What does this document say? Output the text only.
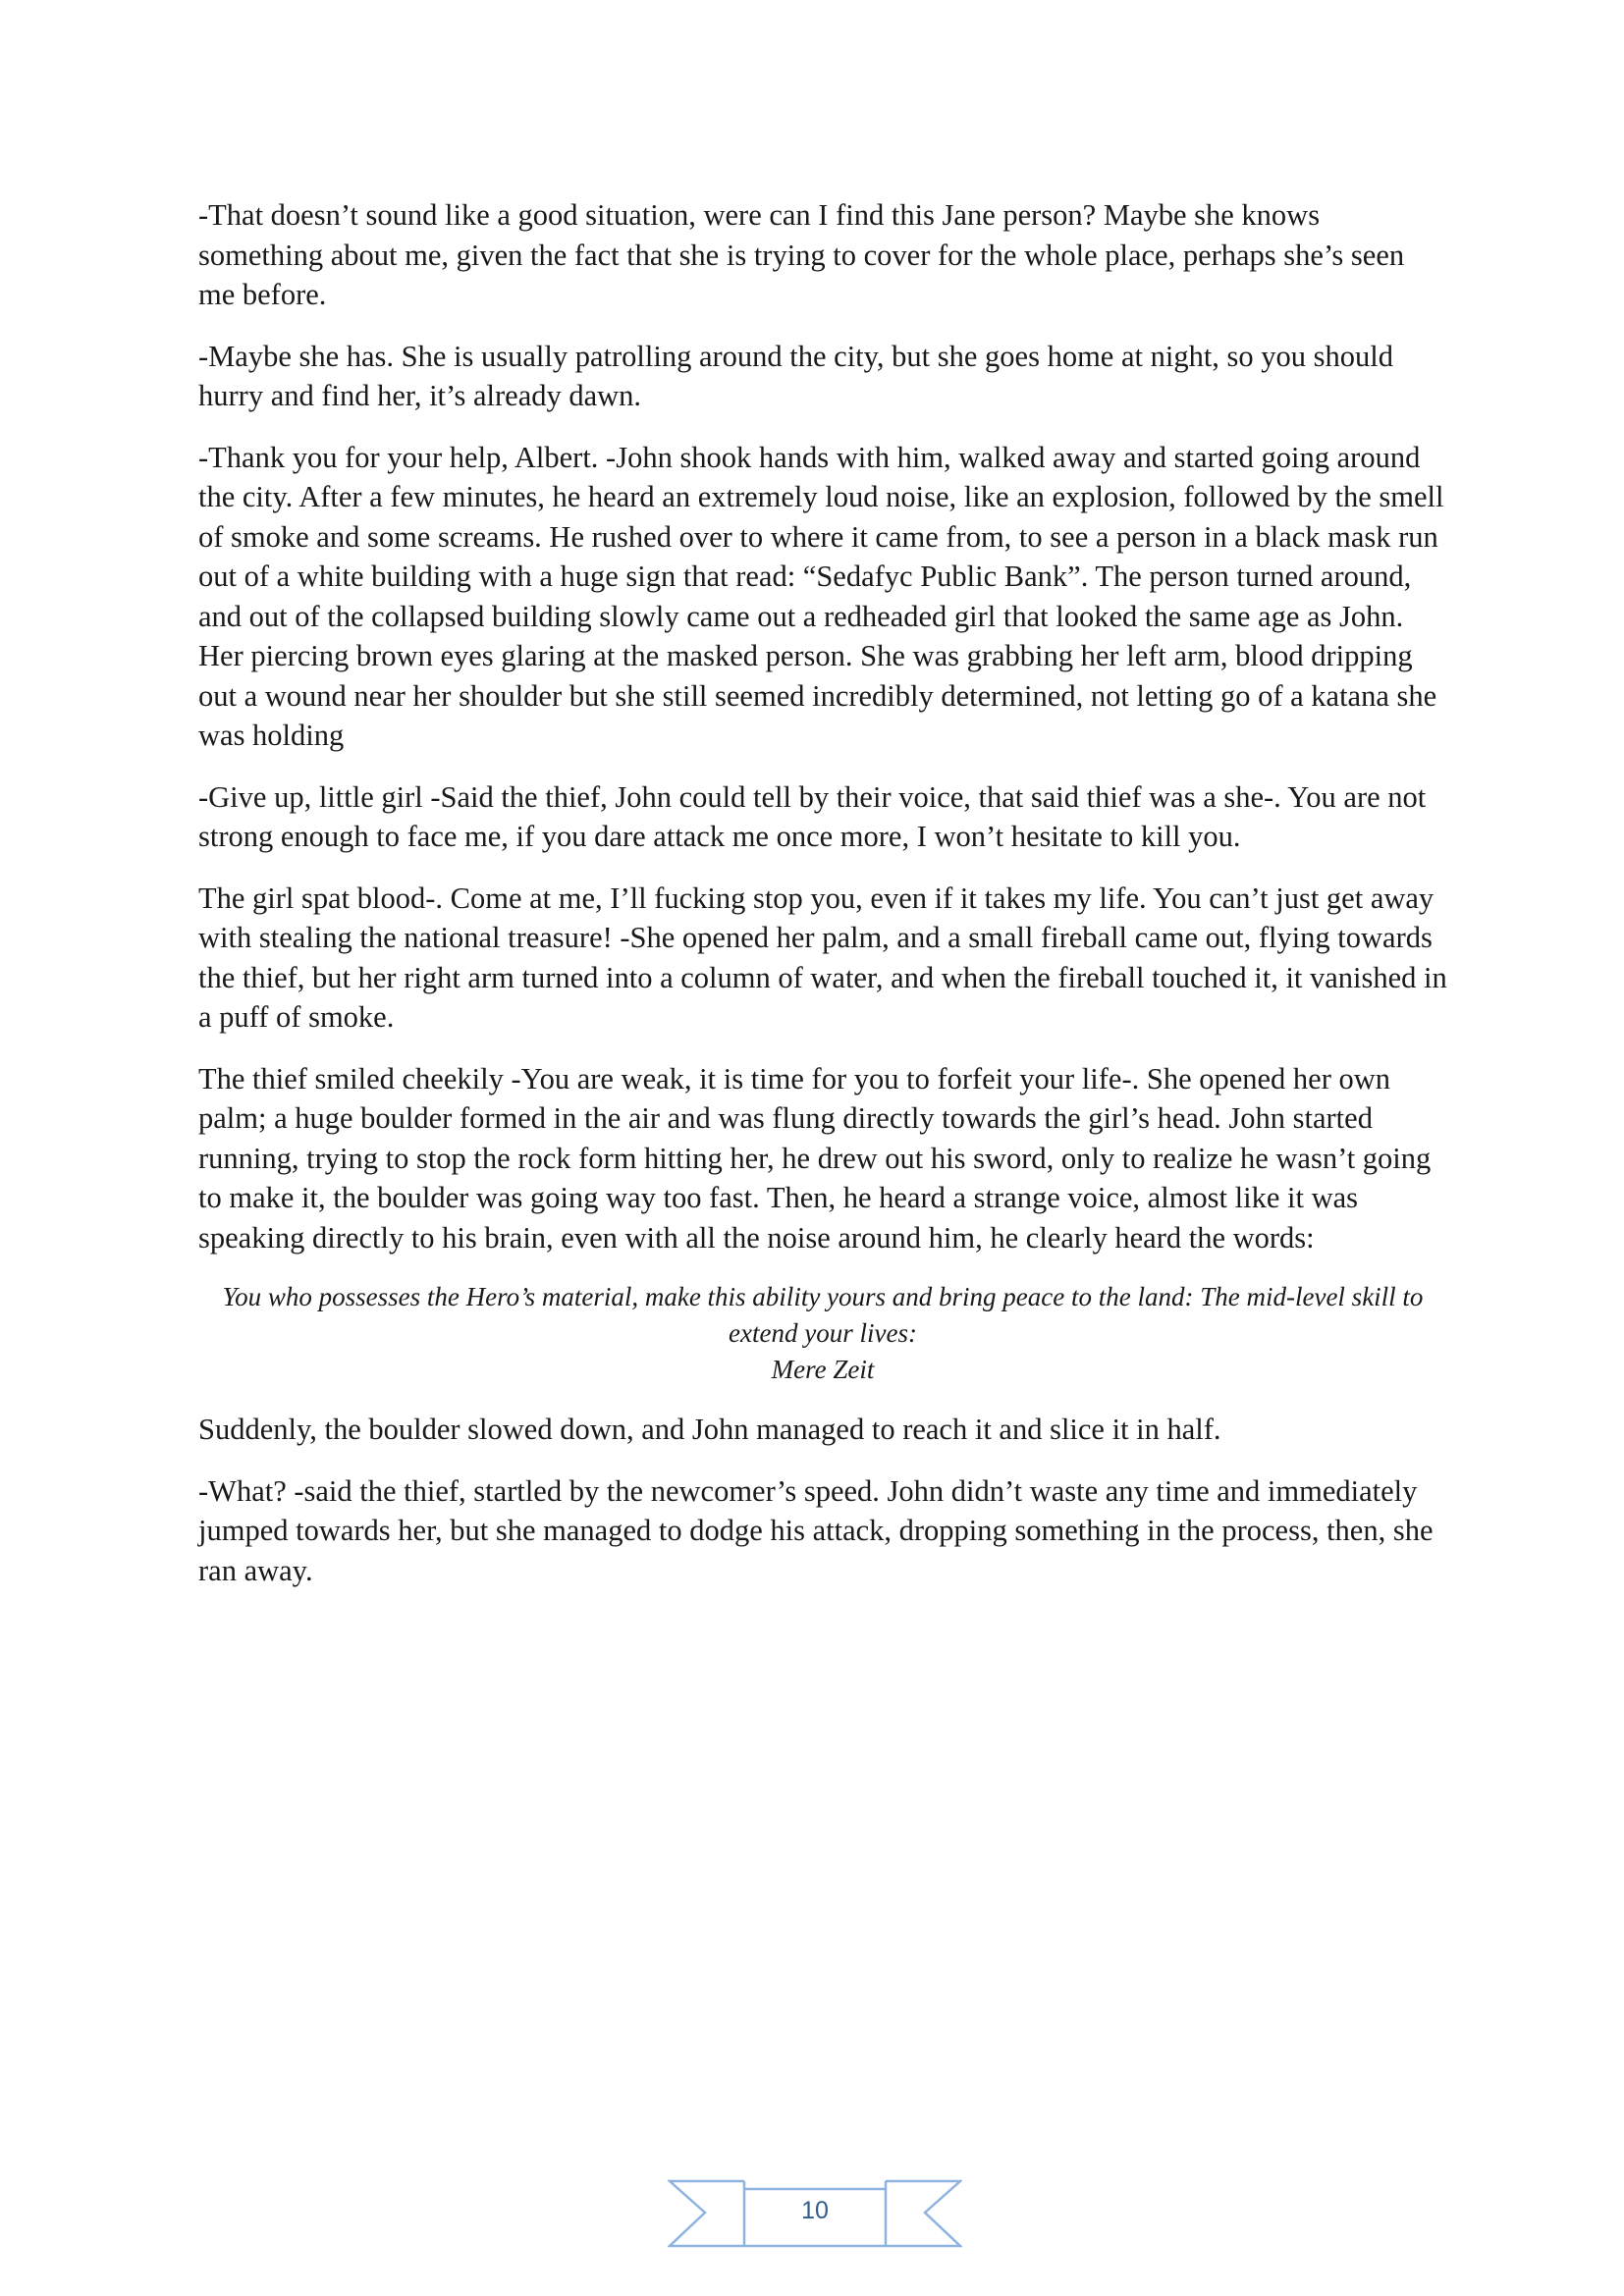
-That doesn’t sound like a good situation, were can I find this Jane person? Maybe she knows something about me, given the fact that she is trying to cover for the whole place, perhaps she’s seen me before.

-Maybe she has. She is usually patrolling around the city, but she goes home at night, so you should hurry and find her, it’s already dawn.

-Thank you for your help, Albert. -John shook hands with him, walked away and started going around the city. After a few minutes, he heard an extremely loud noise, like an explosion, followed by the smell of smoke and some screams. He rushed over to where it came from, to see a person in a black mask run out of a white building with a huge sign that read: “Sedafyc Public Bank”. The person turned around, and out of the collapsed building slowly came out a redheaded girl that looked the same age as John. Her piercing brown eyes glaring at the masked person. She was grabbing her left arm, blood dripping out a wound near her shoulder but she still seemed incredibly determined, not letting go of a katana she was holding

-Give up, little girl -Said the thief, John could tell by their voice, that said thief was a she-. You are not strong enough to face me, if you dare attack me once more, I won’t hesitate to kill you.

The girl spat blood-. Come at me, I’ll fucking stop you, even if it takes my life. You can’t just get away with stealing the national treasure! -She opened her palm, and a small fireball came out, flying towards the thief, but her right arm turned into a column of water, and when the fireball touched it, it vanished in a puff of smoke.

The thief smiled cheekily -You are weak, it is time for you to forfeit your life-. She opened her own palm; a huge boulder formed in the air and was flung directly towards the girl’s head. John started running, trying to stop the rock form hitting her, he drew out his sword, only to realize he wasn’t going to make it, the boulder was going way too fast. Then, he heard a strange voice, almost like it was speaking directly to his brain, even with all the noise around him, he clearly heard the words:

You who possesses the Hero’s material, make this ability yours and bring peace to the land: The mid-level skill to extend your lives:
Mere Zeit

Suddenly, the boulder slowed down, and John managed to reach it and slice it in half.

-What? -said the thief, startled by the newcomer’s speed. John didn’t waste any time and immediately jumped towards her, but she managed to dodge his attack, dropping something in the process, then, she ran away.

10
